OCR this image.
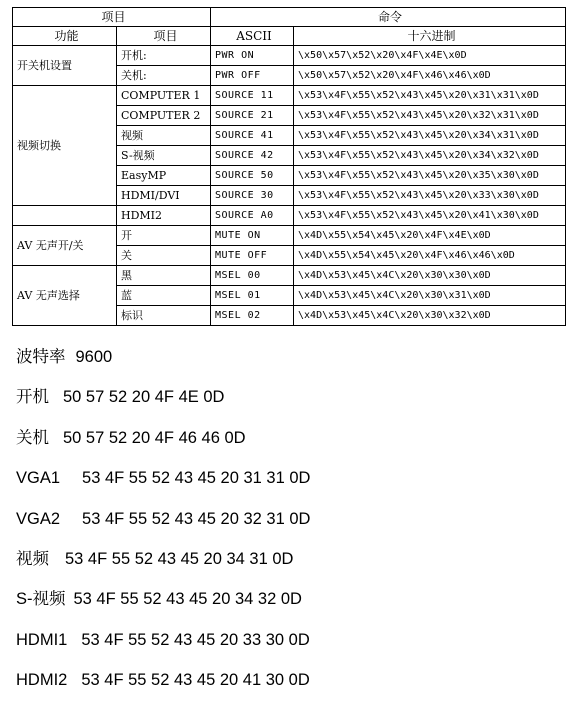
项目		命令	
功能	项目	ASCII	十六进制
开关机设置	开机:	PWR ON	\x50\x57\x52\x20\x4F\x4E\x0D
	关机:	PWR OFF	\x50\x57\x52\x20\x4F\x46\x46\x0D
视频切换	COMPUTER 1	SOURCE 11	\x53\x4F\x55\x52\x43\x45\x20\x31\x31\x0D
	COMPUTER 2	SOURCE 21	\x53\x4F\x55\x52\x43\x45\x20\x32\x31\x0D
	视频	SOURCE 41	\x53\x4F\x55\x52\x43\x45\x20\x34\x31\x0D
	S-视频	SOURCE 42	\x53\x4F\x55\x52\x43\x45\x20\x34\x32\x0D
	EasyMP	SOURCE 50	\x53\x4F\x55\x52\x43\x45\x20\x35\x30\x0D
	HDMI/DVI	SOURCE 30	\x53\x4F\x55\x52\x43\x45\x20\x33\x30\x0D
	HDMI2	SOURCE A0	\x53\x4F\x55\x52\x43\x45\x20\x41\x30\x0D
AV 无声开/关	开	MUTE ON	\x4D\x55\x54\x45\x20\x4F\x4E\x0D
	关	MUTE OFF	\x4D\x55\x54\x45\x20\x4F\x46\x46\x0D
AV 无声选择	黑	MSEL 00	\x4D\x53\x45\x4C\x20\x30\x30\x0D
	蓝	MSEL 01	\x4D\x53\x45\x4C\x20\x30\x31\x0D
	标识	MSEL 02	\x4D\x53\x45\x4C\x20\x30\x32\x0D
波特率 9600
开机 50 57 52 20 4F 4E 0D
关机 50 57 52 20 4F 46 46 0D
VGA1 53 4F 55 52 43 45 20 31 31 0D
VGA2 53 4F 55 52 43 45 20 32 31 0D
视频 53 4F 55 52 43 45 20 34 31 0D
S-视频 53 4F 55 52 43 45 20 34 32 0D
HDMI1 53 4F 55 52 43 45 20 33 30 0D
HDMI2 53 4F 55 52 43 45 20 41 30 0D
